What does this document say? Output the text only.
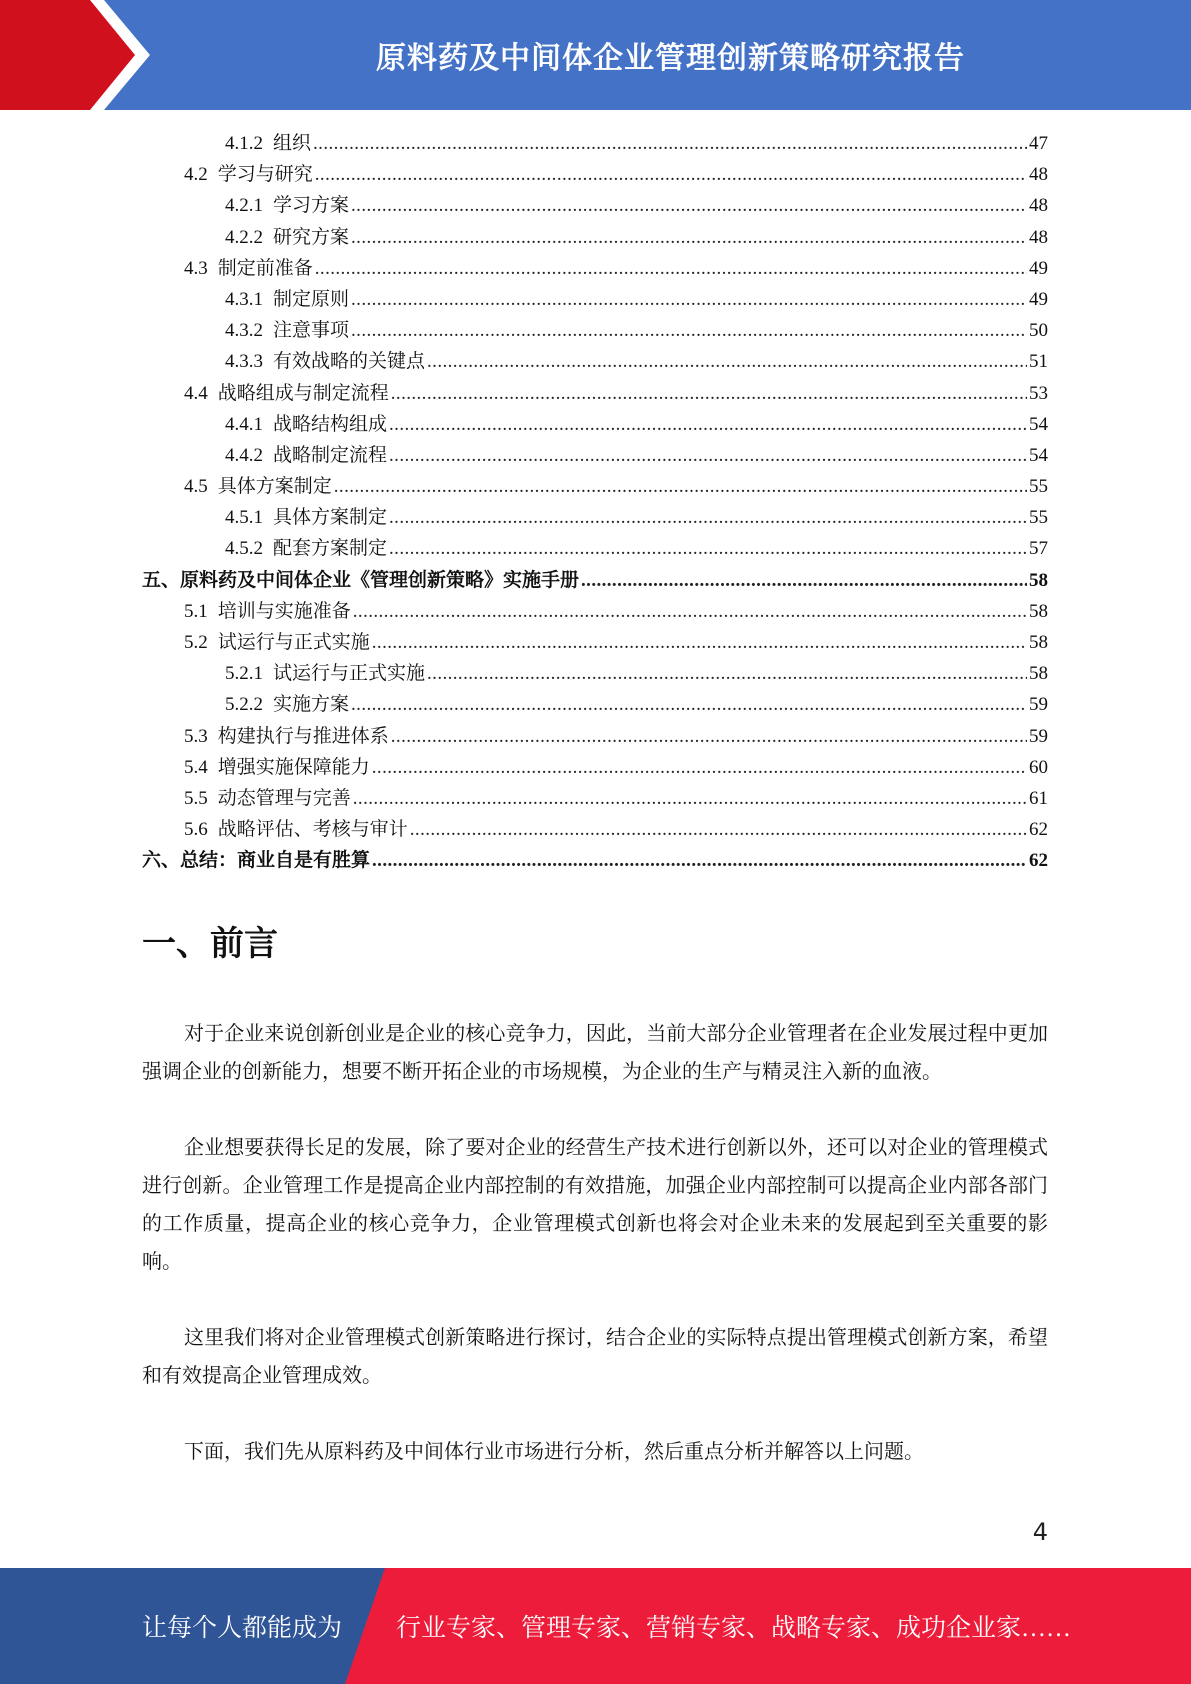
原料药及中间体企业管理创新策略研究报告
4.1.2 组织 .....	47
4.2 学习与研究 .....	48
4.2.1 学习方案 .....	48
4.2.2 研究方案 .....	48
4.3 制定前准备 .....	49
4.3.1 制定原则 .....	49
4.3.2 注意事项 .....	50
4.3.3 有效战略的关键点 .....	51
4.4 战略组成与制定流程 .....	53
4.4.1 战略结构组成 .....	54
4.4.2 战略制定流程 .....	54
4.5 具体方案制定 .....	55
4.5.1 具体方案制定 .....	55
4.5.2 配套方案制定 .....	57
五、 原料药及中间体企业《管理创新策略》实施手册 .....	58
5.1 培训与实施准备 .....	58
5.2 试运行与正式实施 .....	58
5.2.1 试运行与正式实施 .....	58
5.2.2 实施方案 .....	59
5.3 构建执行与推进体系 .....	59
5.4 增强实施保障能力 .....	60
5.5 动态管理与完善 .....	61
5.6 战略评估、考核与审计 .....	62
六、 总结：商业自是有胜算 .....	62
一、前言

对于企业来说创新创业是企业的核心竞争力，因此，当前大部分企业管理者在企业发展过程中更加强调企业的创新能力，想要不断开拓企业的市场规模，为企业的生产与精灵注入新的血液。

企业想要获得长足的发展，除了要对企业的经营生产技术进行创新以外，还可以对企业的管理模式进行创新。企业管理工作是提高企业内部控制的有效措施，加强企业内部控制可以提高企业内部各部门的工作质量，提高企业的核心竞争力，企业管理模式创新也将会对企业未来的发展起到至关重要的影响。

这里我们将对企业管理模式创新策略进行探讨，结合企业的实际特点提出管理模式创新方案，希望和有效提高企业管理成效。

下面，我们先从原料药及中间体行业市场进行分析，然后重点分析并解答以上问题。

4
让每个人都能成为 行业专家、管理专家、营销专家、战略专家、成功企业家……
